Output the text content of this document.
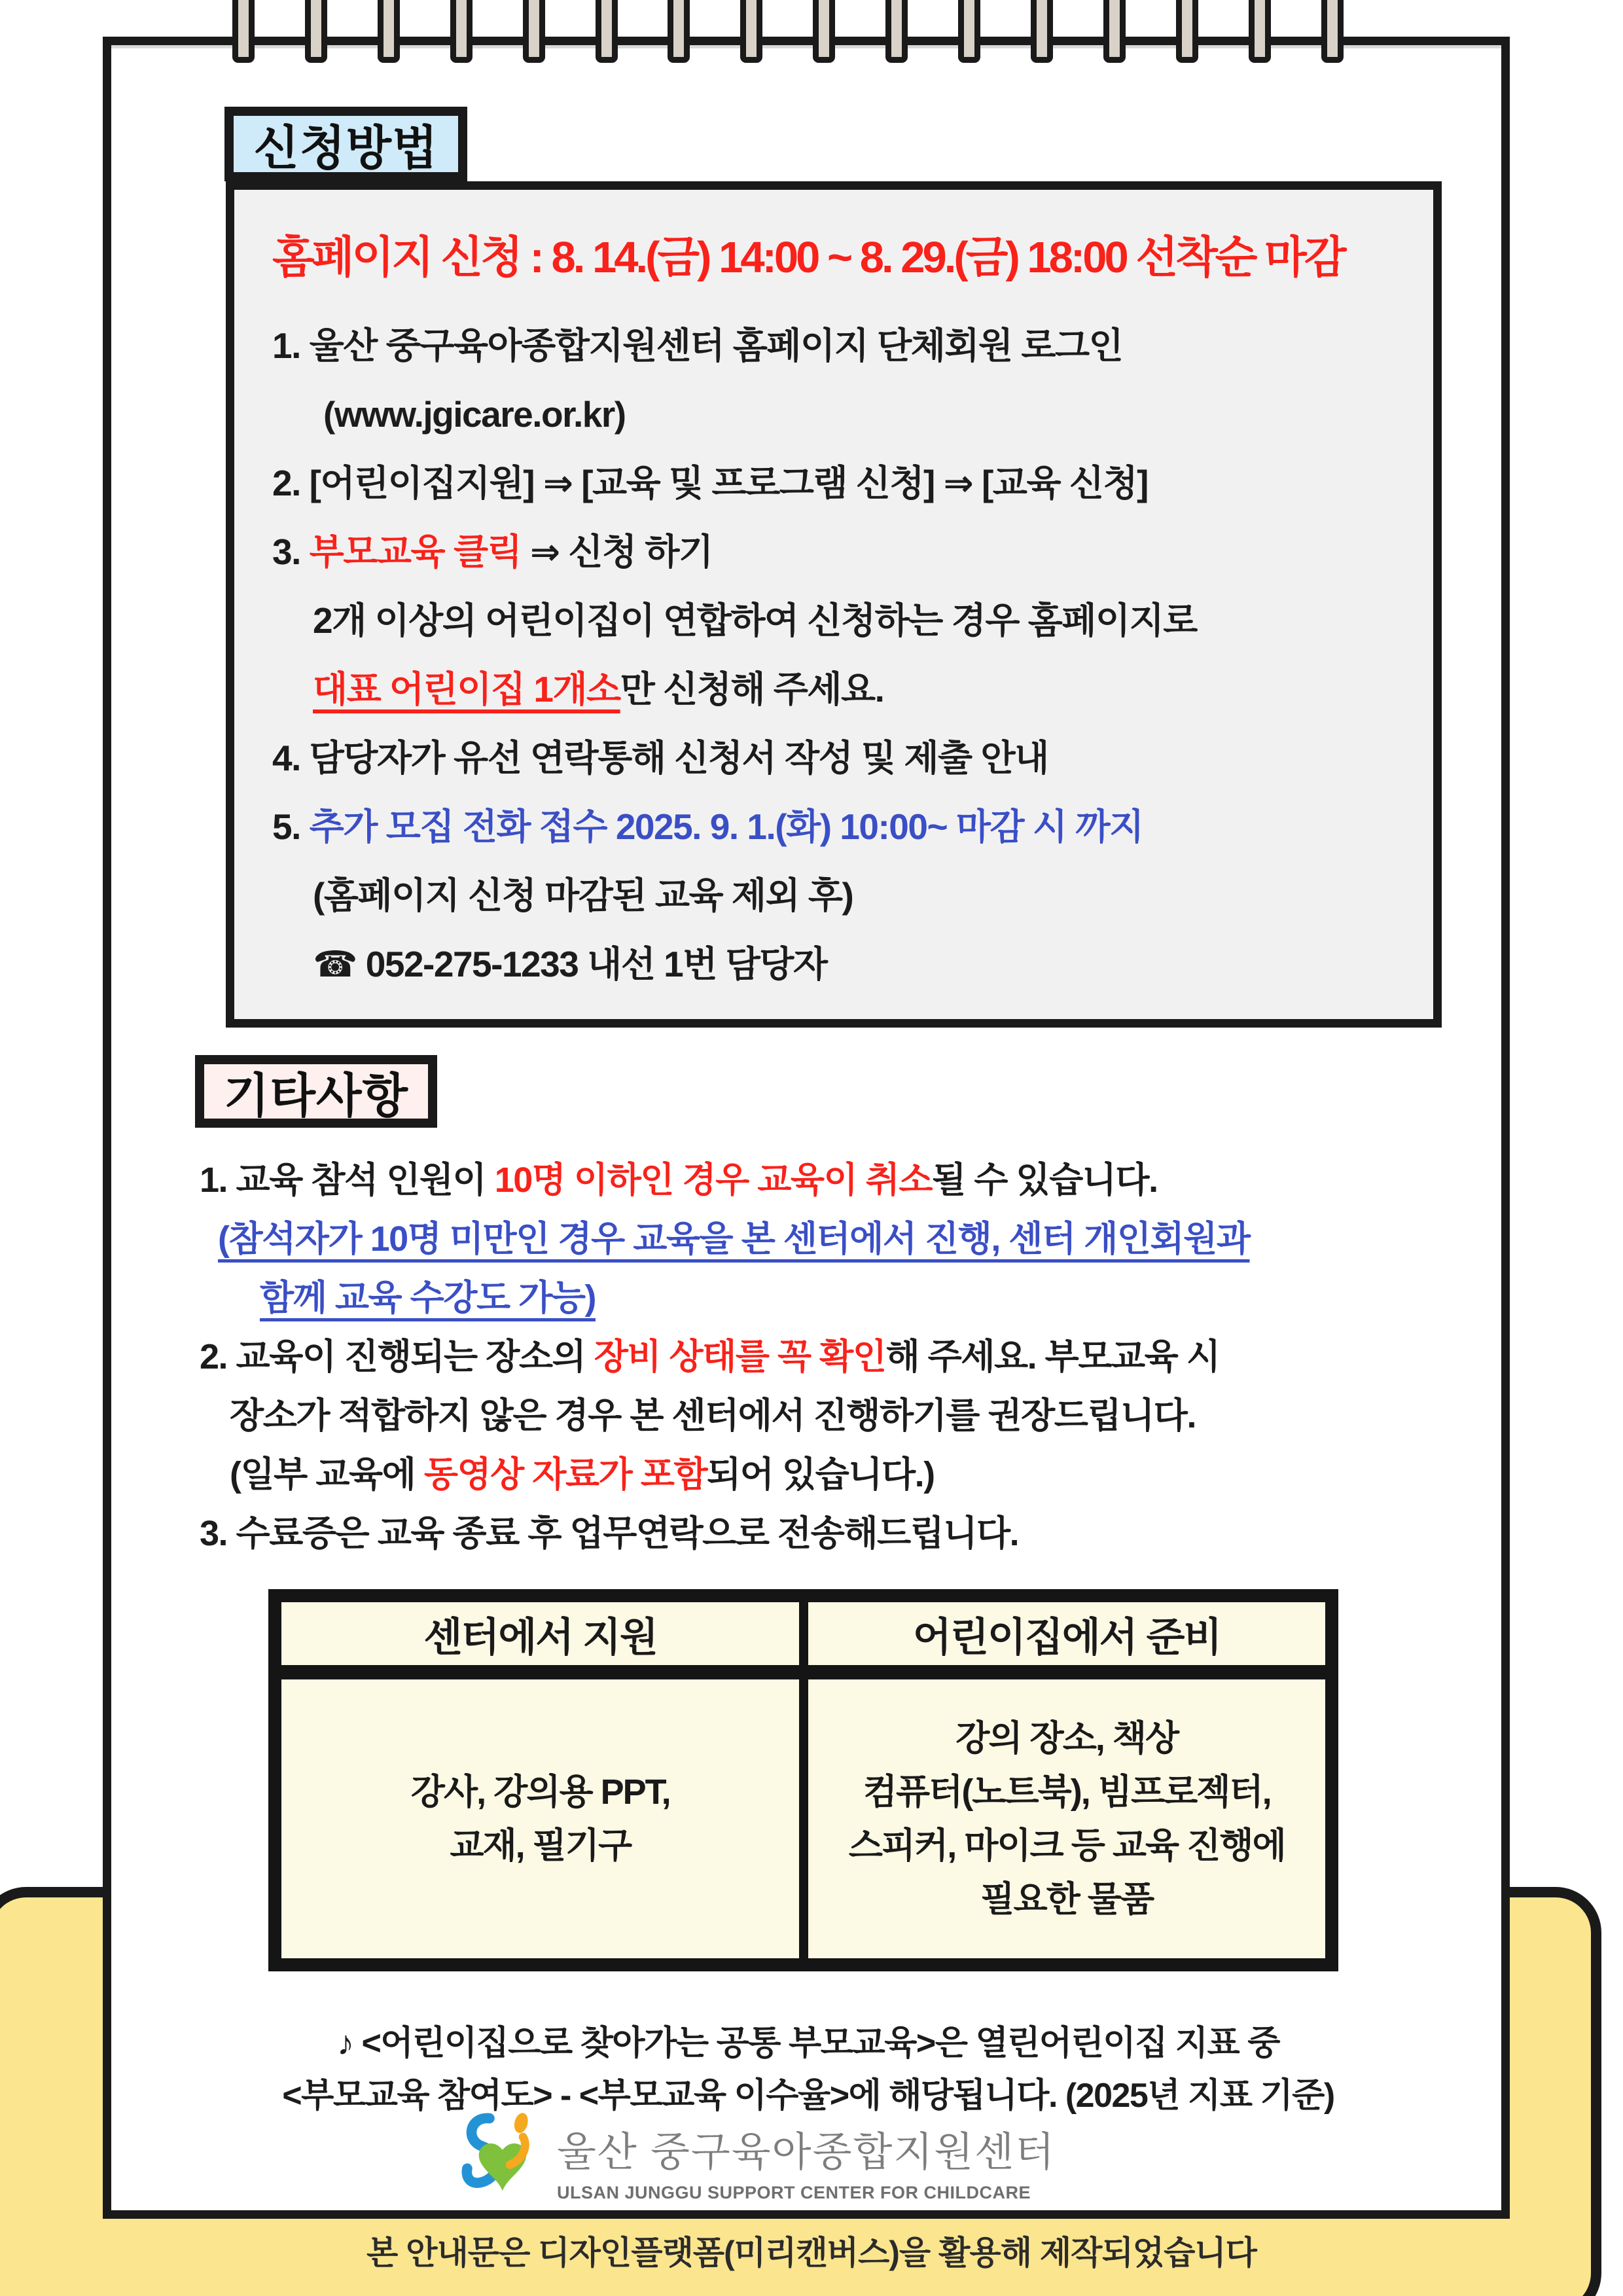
신청방법
홈페이지 신청 : 8. 14.(금) 14:00 ~ 8. 29.(금) 18:00 선착순 마감
1. 울산 중구육아종합지원센터 홈페이지 단체회원 로그인
(www.jgicare.or.kr)
2. [어린이집지원] ⇒ [교육 및 프로그램 신청] ⇒ [교육 신청]
3. 부모교육 클릭 ⇒ 신청 하기
2개 이상의 어린이집이 연합하여 신청하는 경우 홈페이지로
대표 어린이집 1개소만 신청해 주세요.
4. 담당자가 유선 연락통해 신청서 작성 및 제출 안내
5. 추가 모집 전화 접수 2025. 9. 1.(화) 10:00~ 마감 시 까지
(홈페이지 신청 마감된 교육 제외 후)
☎ 052-275-1233 내선 1번 담당자
기타사항
1. 교육 참석 인원이 10명 이하인 경우 교육이 취소될 수 있습니다.
(참석자가 10명 미만인 경우 교육을 본 센터에서 진행, 센터 개인회원과
함께 교육 수강도 가능)
2. 교육이 진행되는 장소의 장비 상태를 꼭 확인해 주세요. 부모교육 시
장소가 적합하지 않은 경우 본 센터에서 진행하기를 권장드립니다.
(일부 교육에 동영상 자료가 포함되어 있습니다.)
3. 수료증은 교육 종료 후 업무연락으로 전송해드립니다.
센터에서 지원	어린이집에서 준비
강사, 강의용 PPT,
교재, 필기구
강의 장소, 책상
컴퓨터(노트북), 빔프로젝터,
스피커, 마이크 등 교육 진행에
필요한 물품
♪ <어린이집으로 찾아가는 공통 부모교육>은 열린어린이집 지표 중
<부모교육 참여도> - <부모교육 이수율>에 해당됩니다. (2025년 지표 기준)
울산 중구육아종합지원센터
ULSAN JUNGGU SUPPORT CENTER FOR CHILDCARE
본 안내문은 디자인플랫폼(미리캔버스)을 활용해 제작되었습니다
